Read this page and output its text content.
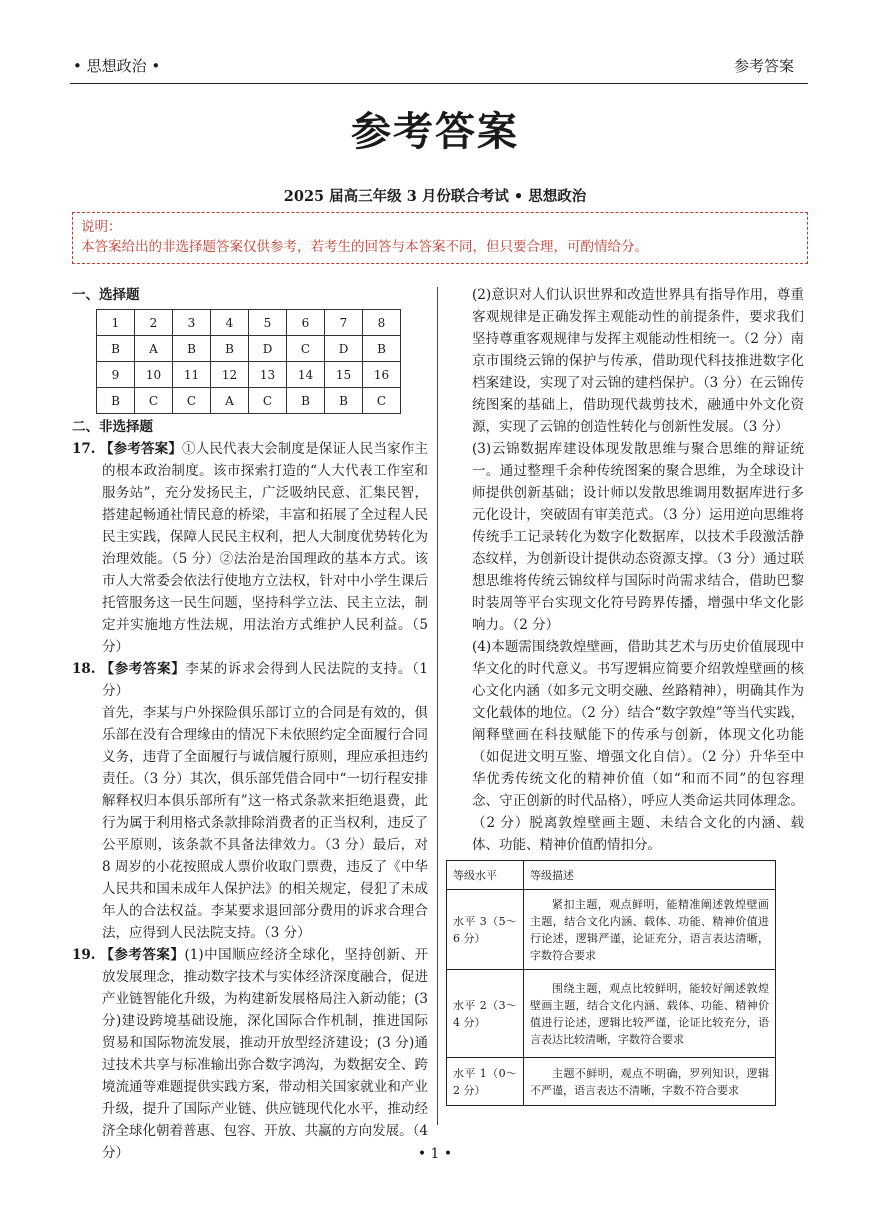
• 思想政治 •	参考答案
参考答案
2025 届高三年级 3 月份联合考试 • 思想政治
说明：
本答案给出的非选择题答案仅供参考，若考生的回答与本答案不同，但只要合理，可酌情给分。
一、选择题
1	2	3	4	5	6	7	8
B	A	B	B	D	C	D	B
9	10	11	12	13	14	15	16
B	C	C	A	C	B	B	C
二、非选择题
17. 【参考答案】①人民代表大会制度是保证人民当家作主的根本政治制度。该市探索打造的“人大代表工作室和服务站”，充分发扬民主，广泛吸纳民意、汇集民智，搭建起畅通社情民意的桥梁，丰富和拓展了全过程人民民主实践，保障人民民主权利，把人大制度优势转化为治理效能。（5 分）②法治是治国理政的基本方式。该市人大常委会依法行使地方立法权，针对中小学生课后托管服务这一民生问题，坚持科学立法、民主立法，制定并实施地方性法规，用法治方式维护人民利益。（5 分）
18. 【参考答案】李某的诉求会得到人民法院的支持。（1 分）
首先，李某与户外探险俱乐部订立的合同是有效的，俱乐部在没有合理缘由的情况下未依照约定全面履行合同义务，违背了全面履行与诚信履行原则，理应承担违约责任。（3 分）其次，俱乐部凭借合同中“一切行程安排解释权归本俱乐部所有”这一格式条款来拒绝退费，此行为属于利用格式条款排除消费者的正当权利，违反了公平原则，该条款不具备法律效力。（3 分）最后，对 8 周岁的小花按照成人票价收取门票费，违反了《中华人民共和国未成年人保护法》的相关规定，侵犯了未成年人的合法权益。李某要求退回部分费用的诉求合理合法，应得到人民法院支持。（3 分）
19. 【参考答案】(1)中国顺应经济全球化，坚持创新、开放发展理念，推动数字技术与实体经济深度融合，促进产业链智能化升级，为构建新发展格局注入新动能；(3 分)建设跨境基础设施，深化国际合作机制，推进国际贸易和国际物流发展，推动开放型经济建设；(3 分)通过技术共享与标准输出弥合数字鸿沟，为数据安全、跨境流通等难题提供实践方案，带动相关国家就业和产业升级，提升了国际产业链、供应链现代化水平，推动经济全球化朝着普惠、包容、开放、共赢的方向发展。（4 分）
(2)意识对人们认识世界和改造世界具有指导作用，尊重客观规律是正确发挥主观能动性的前提条件，要求我们坚持尊重客观规律与发挥主观能动性相统一。（2 分）南京市围绕云锦的保护与传承，借助现代科技推进数字化档案建设，实现了对云锦的建档保护。（3 分）在云锦传统图案的基础上，借助现代裁剪技术，融通中外文化资源，实现了云锦的创造性转化与创新性发展。（3 分）
(3)云锦数据库建设体现发散思维与聚合思维的辩证统一。通过整理千余种传统图案的聚合思维，为全球设计师提供创新基础；设计师以发散思维调用数据库进行多元化设计，突破固有审美范式。（3 分）运用逆向思维将传统手工记录转化为数字化数据库，以技术手段激活静态纹样，为创新设计提供动态资源支撑。（3 分）通过联想思维将传统云锦纹样与国际时尚需求结合，借助巴黎时装周等平台实现文化符号跨界传播，增强中华文化影响力。（2 分）
(4)本题需围绕敦煌壁画，借助其艺术与历史价值展现中华文化的时代意义。书写逻辑应简要介绍敦煌壁画的核心文化内涵（如多元文明交融、丝路精神），明确其作为文化载体的地位。（2 分）结合“数字敦煌”等当代实践，阐释壁画在科技赋能下的传承与创新，体现文化功能（如促进文明互鉴、增强文化自信）。（2 分）升华至中华优秀传统文化的精神价值（如“和而不同”的包容理念、守正创新的时代品格），呼应人类命运共同体理念。（2 分）脱离敦煌壁画主题、未结合文化的内涵、载体、功能、精神价值酌情扣分。
等级水平	等级描述
水平 3（5～6 分）	紧扣主题，观点鲜明，能精准阐述敦煌壁画主题，结合文化内涵、载体、功能、精神价值进行论述，逻辑严谨，论证充分，语言表达清晰，字数符合要求
水平 2（3～4 分）	围绕主题，观点比较鲜明，能较好阐述敦煌壁画主题，结合文化内涵、载体、功能、精神价值进行论述，逻辑比较严谨，论证比较充分，语言表达比较清晰，字数符合要求
水平 1（0～2 分）	主题不鲜明，观点不明确，罗列知识，逻辑不严谨，语言表达不清晰，字数不符合要求
• 1 •
